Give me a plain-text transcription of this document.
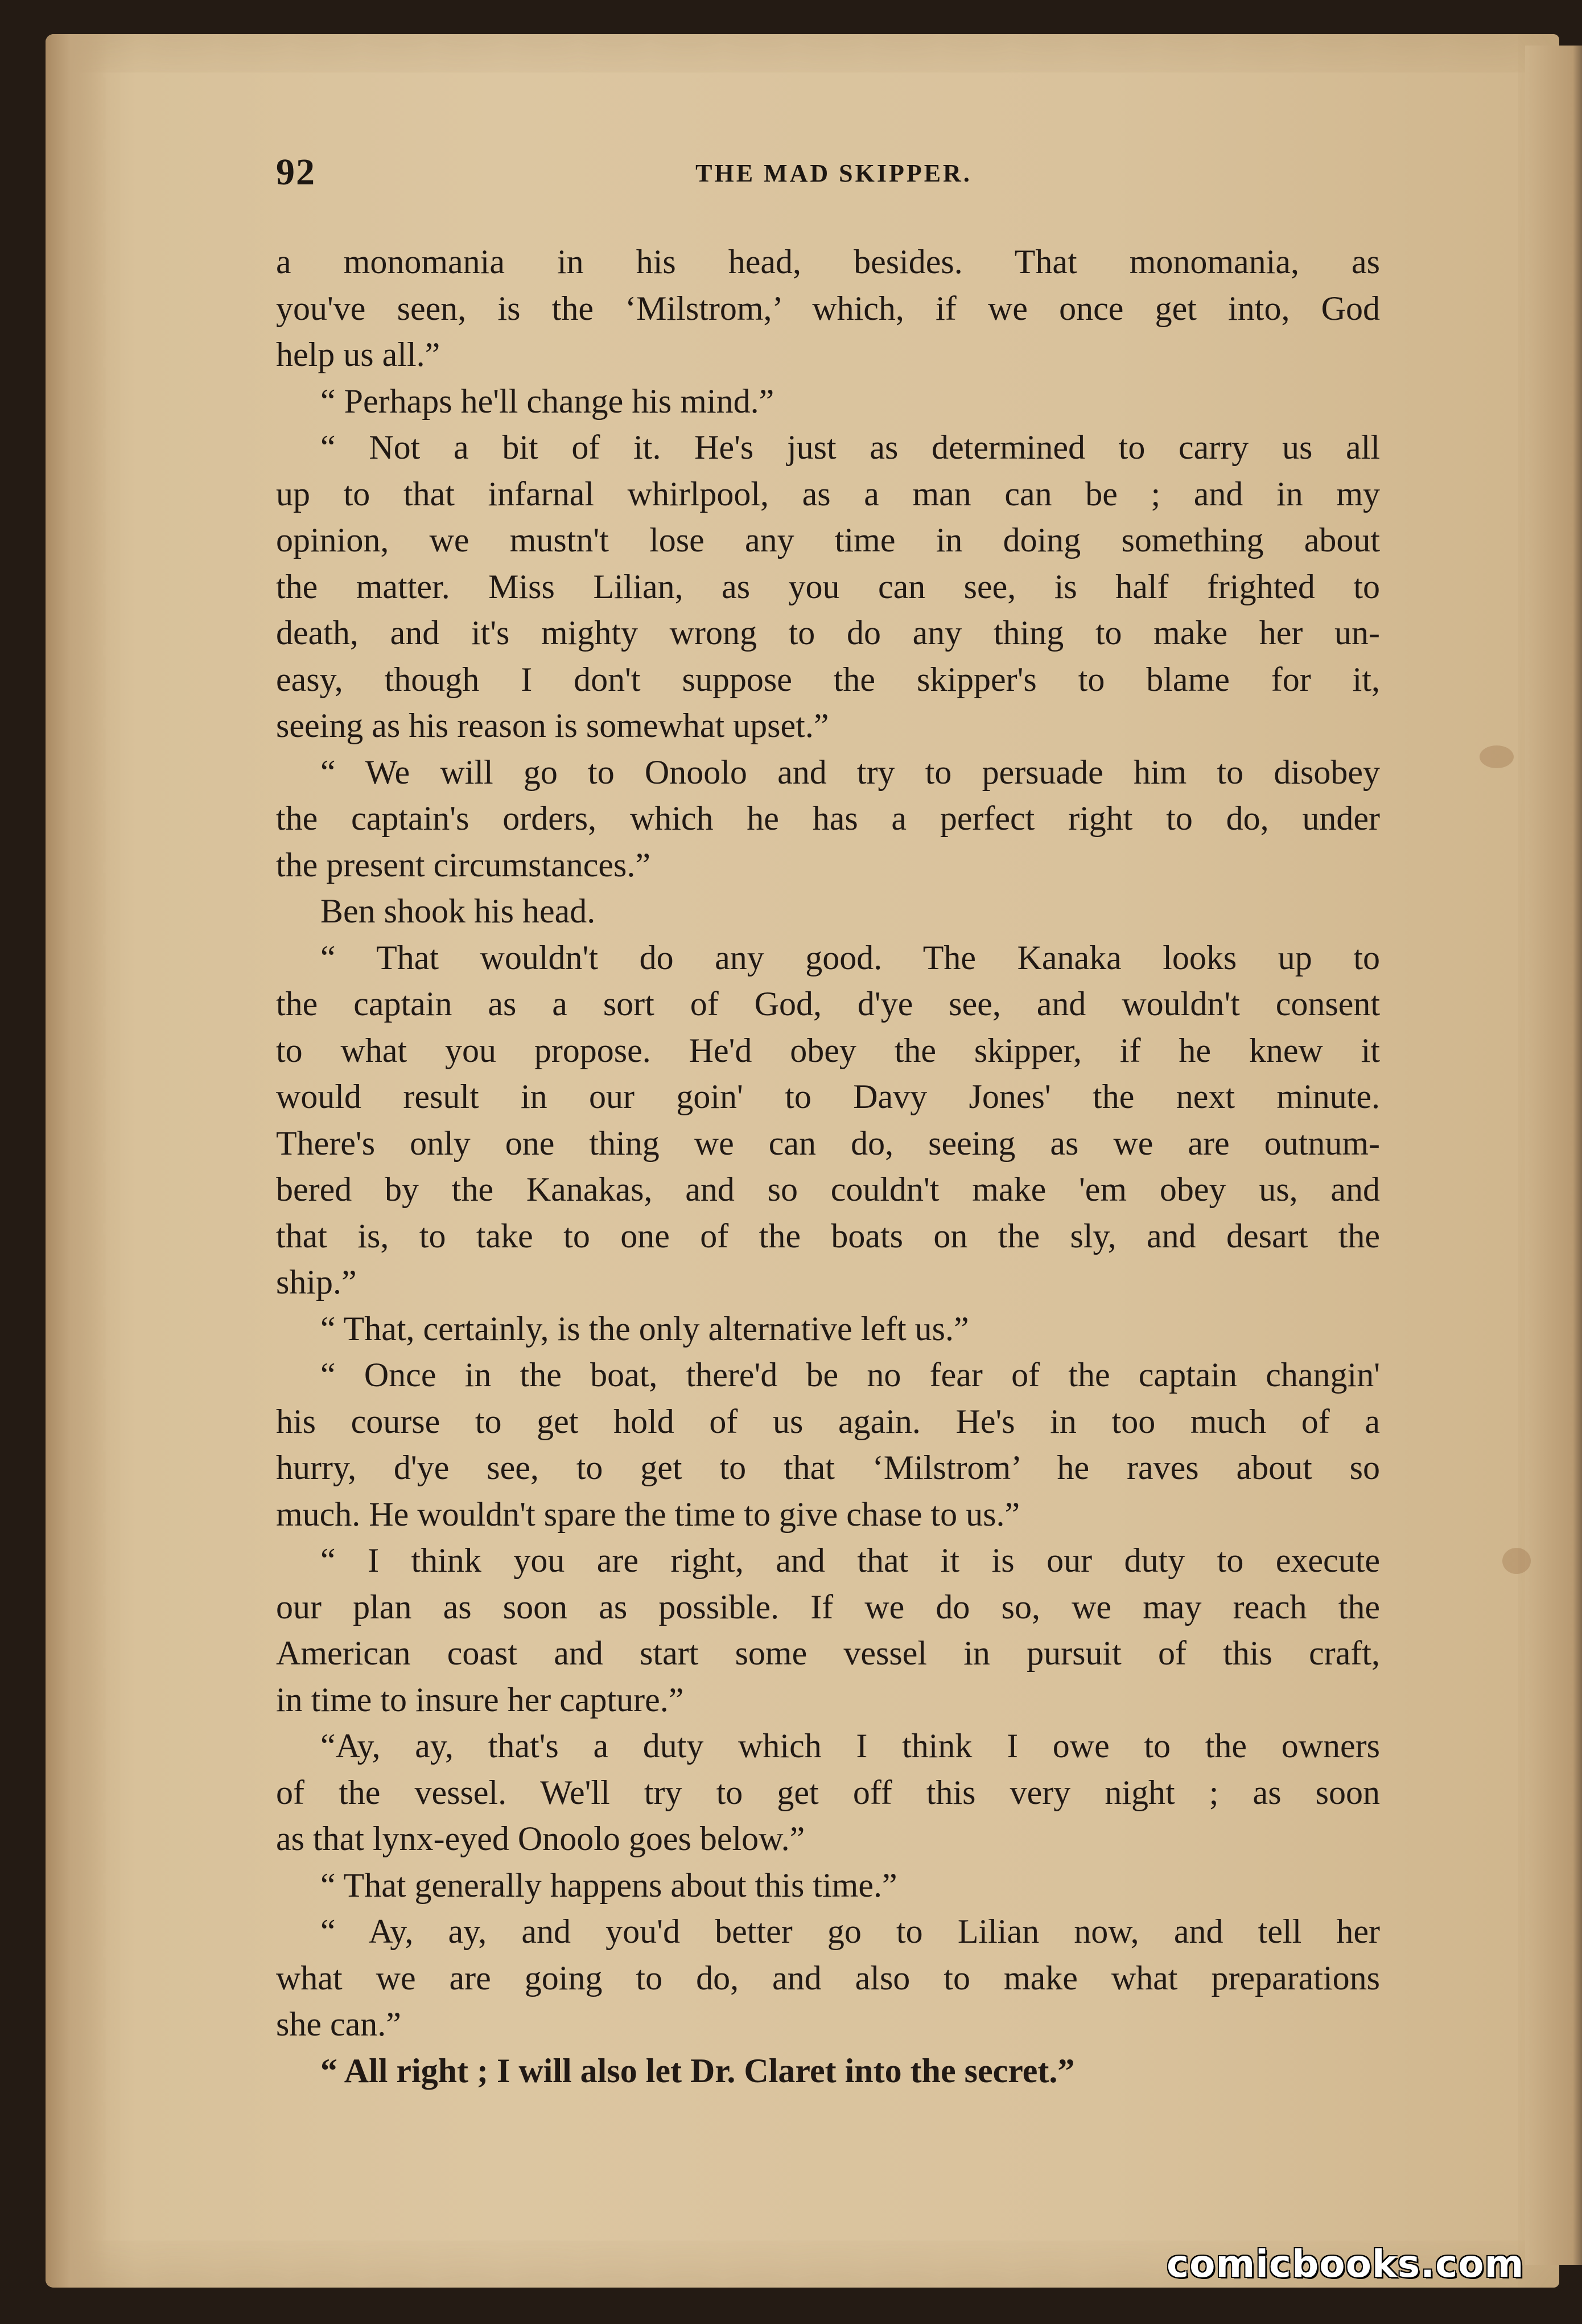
92	THE MAD SKIPPER.
a monomania in his head, besides. That monomania, as
you've seen, is the ‘Milstrom,’ which, if we once get into, God
help us all.”
“ Perhaps he'll change his mind.”
“ Not a bit of it. He's just as determined to carry us all
up to that infarnal whirlpool, as a man can be ; and in my
opinion, we mustn't lose any time in doing something about
the matter. Miss Lilian, as you can see, is half frighted to
death, and it's mighty wrong to do any thing to make her un-
easy, though I don't suppose the skipper's to blame for it,
seeing as his reason is somewhat upset.”
“ We will go to Onoolo and try to persuade him to disobey
the captain's orders, which he has a perfect right to do, under
the present circumstances.”
Ben shook his head.
“ That wouldn't do any good. The Kanaka looks up to
the captain as a sort of God, d'ye see, and wouldn't consent
to what you propose. He'd obey the skipper, if he knew it
would result in our goin' to Davy Jones' the next minute.
There's only one thing we can do, seeing as we are outnum-
bered by the Kanakas, and so couldn't make 'em obey us, and
that is, to take to one of the boats on the sly, and desart the
ship.”
“ That, certainly, is the only alternative left us.”
“ Once in the boat, there'd be no fear of the captain changin'
his course to get hold of us again. He's in too much of a
hurry, d'ye see, to get to that ‘Milstrom’ he raves about so
much. He wouldn't spare the time to give chase to us.”
“ I think you are right, and that it is our duty to execute
our plan as soon as possible. If we do so, we may reach the
American coast and start some vessel in pursuit of this craft,
in time to insure her capture.”
“Ay, ay, that's a duty which I think I owe to the owners
of the vessel. We'll try to get off this very night ; as soon
as that lynx-eyed Onoolo goes below.”
“ That generally happens about this time.”
“ Ay, ay, and you'd better go to Lilian now, and tell her
what we are going to do, and also to make what preparations
she can.”
“ All right ; I will also let Dr. Claret into the secret.”
comicbooks.com
